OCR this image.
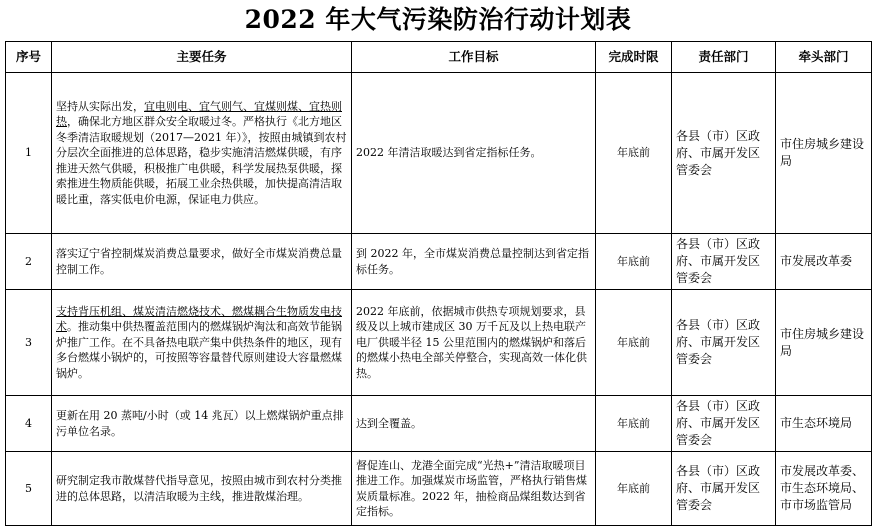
2022 年大气污染防治行动计划表
序号	主要任务	工作目标	完成时限	责任部门	牵头部门
1	坚持从实际出发，宜电则电、宜气则气、宜煤则煤、宜热则热，确保北方地区群众安全取暖过冬。严格执行《北方地区冬季清洁取暖规划（2017—2021 年）》，按照由城镇到农村分层次全面推进的总体思路，稳步实施清洁燃煤供暖，有序推进天然气供暖，积极推广电供暖，科学发展热泵供暖，探索推进生物质能供暖，拓展工业余热供暖，加快提高清洁取暖比重，落实低电价电源，保证电力供应。	2022 年清洁取暖达到省定指标任务。	年底前	各县（市）区政府、市属开发区管委会	市住房城乡建设局
2	落实辽宁省控制煤炭消费总量要求，做好全市煤炭消费总量控制工作。	到 2022 年，全市煤炭消费总量控制达到省定指标任务。	年底前	各县（市）区政府、市属开发区管委会	市发展改革委
3	支持背压机组、煤炭清洁燃烧技术、燃煤耦合生物质发电技术。推动集中供热覆盖范围内的燃煤锅炉淘汰和高效节能锅炉推广工作。在不具备热电联产集中供热条件的地区，现有多台燃煤小锅炉的，可按照等容量替代原则建设大容量燃煤锅炉。	2022 年底前，依据城市供热专项规划要求，县级及以上城市建成区 30 万千瓦及以上热电联产电厂供暖半径 15 公里范围内的燃煤锅炉和落后的燃煤小热电全部关停整合，实现高效一体化供热。	年底前	各县（市）区政府、市属开发区管委会	市住房城乡建设局
4	更新在用 20 蒸吨/小时（或 14 兆瓦）以上燃煤锅炉重点排污单位名录。	达到全覆盖。	年底前	各县（市）区政府、市属开发区管委会	市生态环境局
5	研究制定我市散煤替代指导意见，按照由城市到农村分类推进的总体思路，以清洁取暖为主线，推进散煤治理。	督促连山、龙港全面完成“光热+”清洁取暖项目推进工作。加强煤炭市场监管，严格执行销售煤炭质量标准。2022 年，抽检商品煤组数达到省定指标。	年底前	各县（市）区政府、市属开发区管委会	市发展改革委、市生态环境局、市市场监管局
